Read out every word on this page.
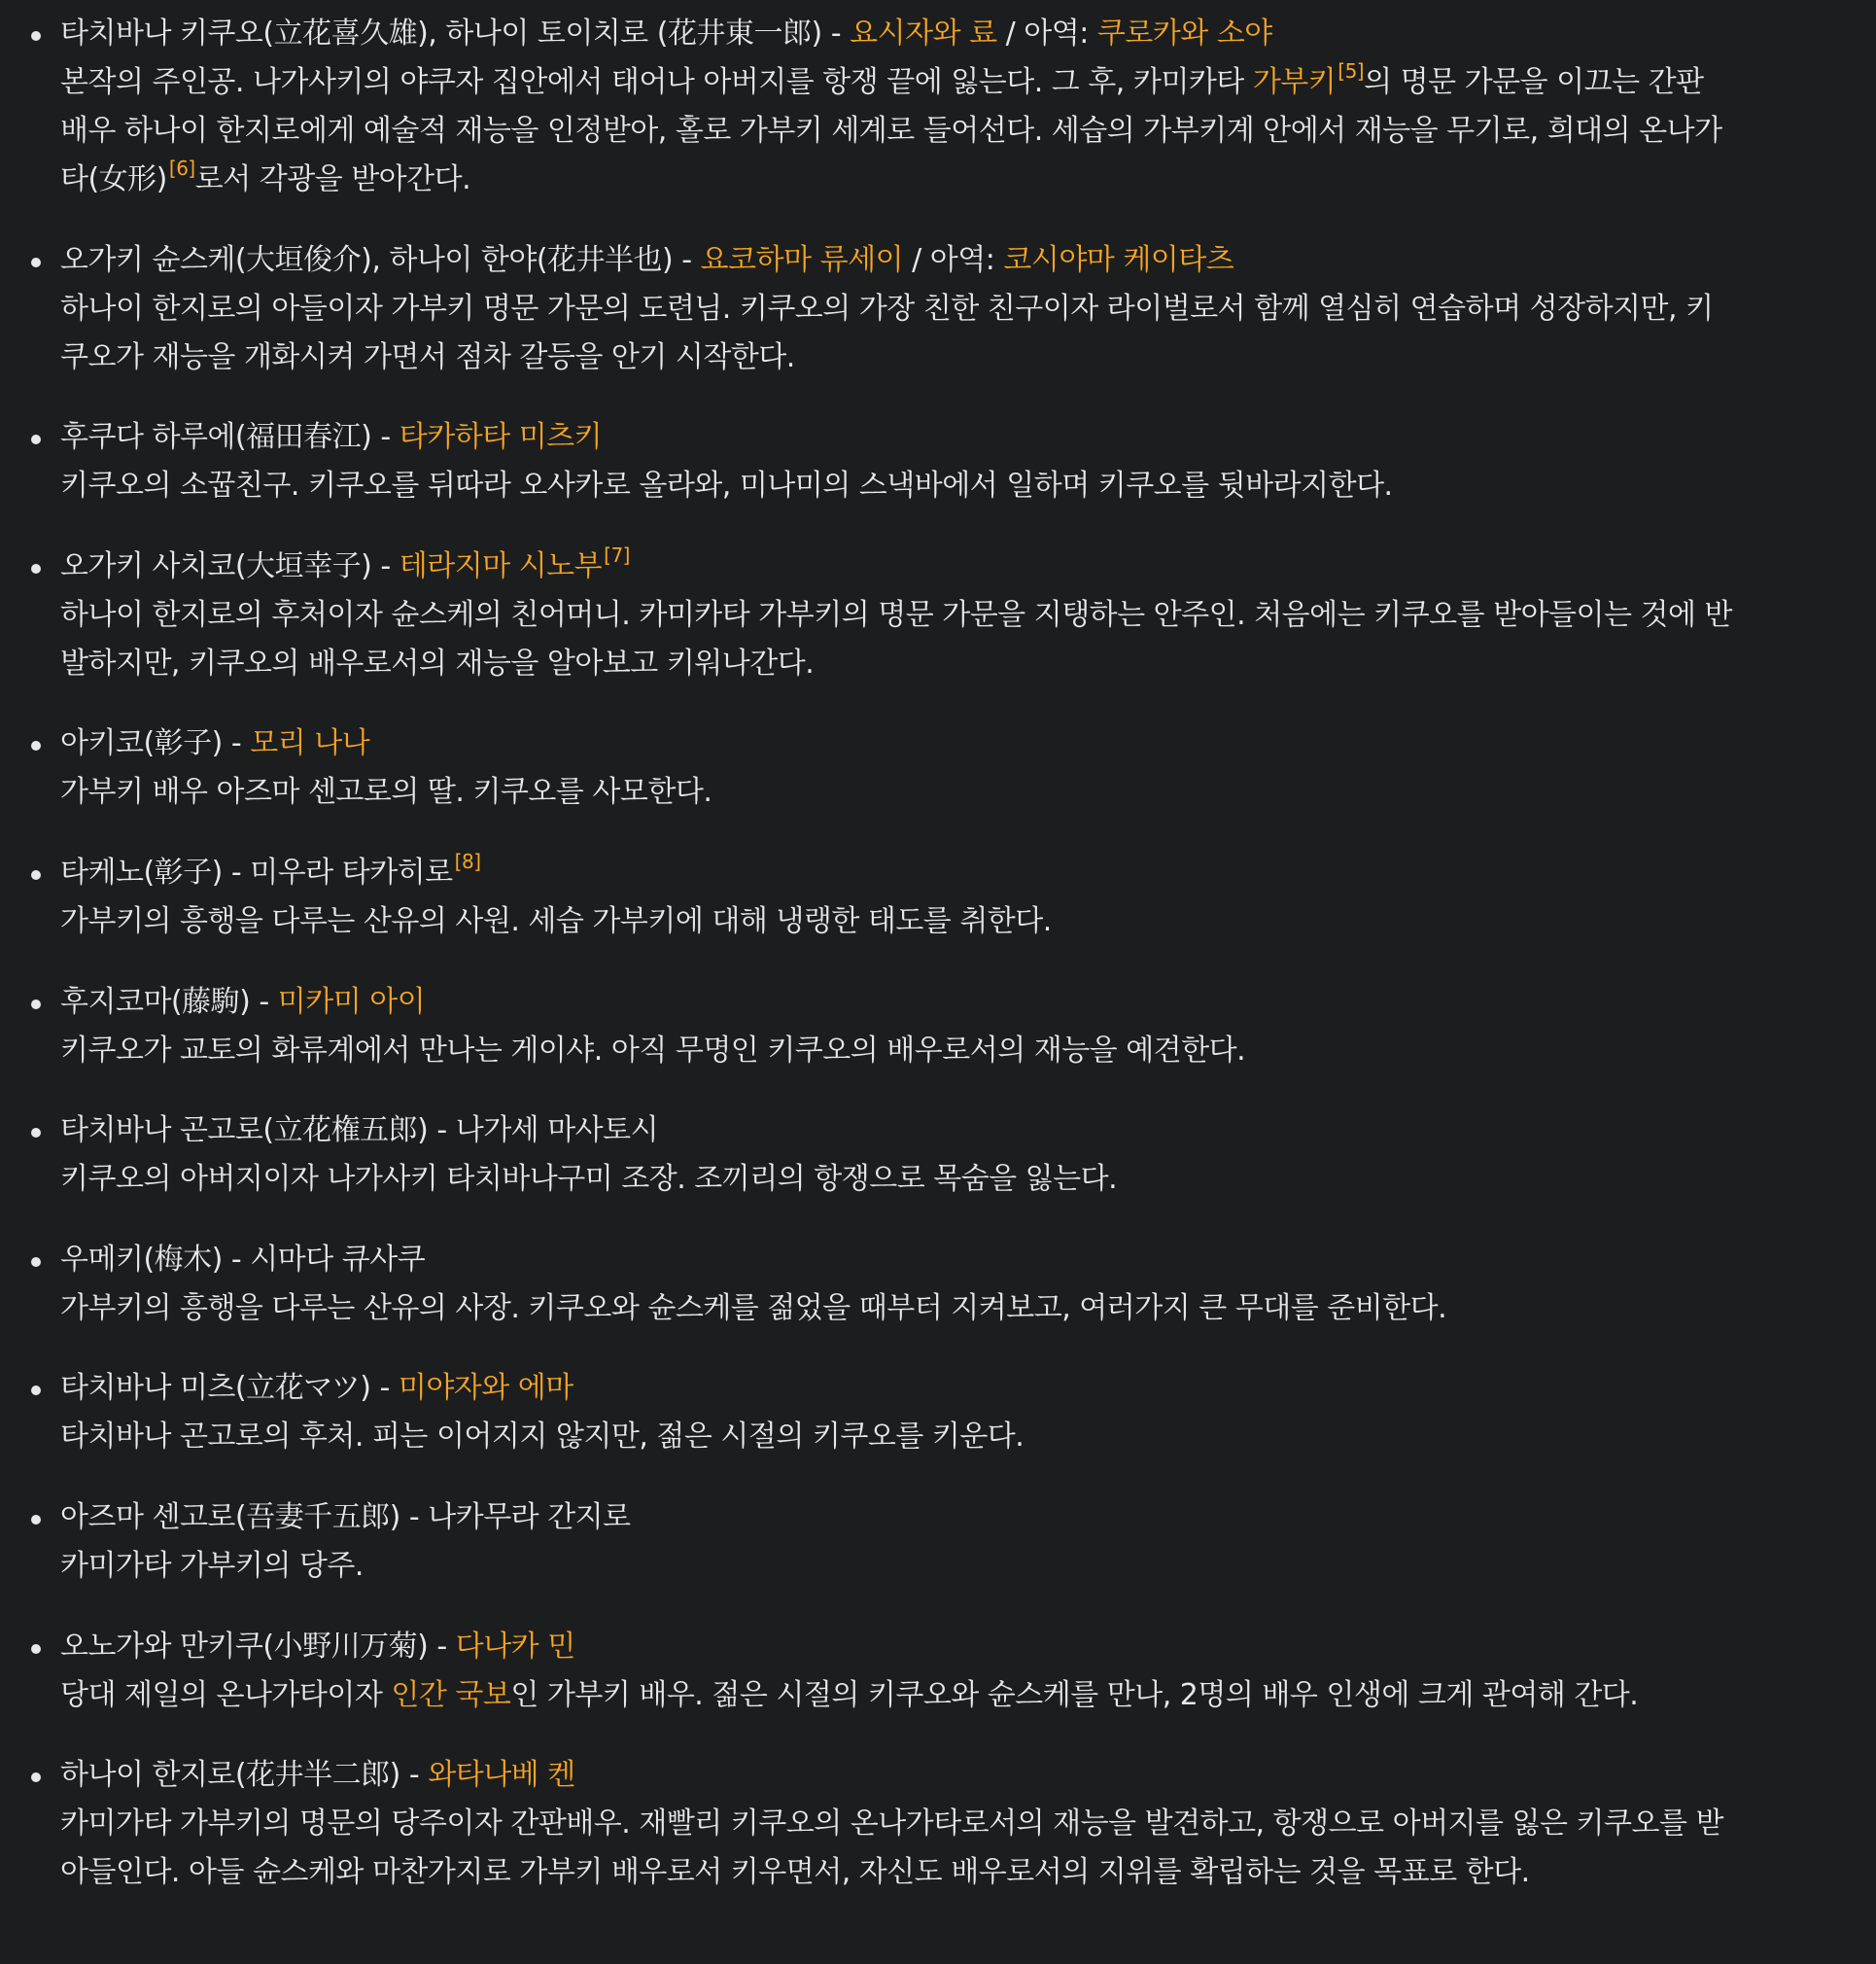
타치바나 키쿠오(立花喜久雄), 하나이 토이치로 (花井東一郎) - 요시자와 료 / 아역: 쿠로카와 소야
본작의 주인공. 나가사키의 야쿠자 집안에서 태어나 아버지를 항쟁 끝에 잃는다. 그 후, 카미카타 가부키 [5]의 명문 가문을 이끄는 간판
배우 하나이 한지로에게 예술적 재능을 인정받아, 홀로 가부키 세계로 들어선다. 세습의 가부키계 안에서 재능을 무기로, 희대의 온나가
타(女形) [6]로서 각광을 받아간다.
오가키 슌스케(大垣俊介), 하나이 한야(花井半也) - 요코하마 류세이 / 아역: 코시야마 케이타츠
하나이 한지로의 아들이자 가부키 명문 가문의 도련님. 키쿠오의 가장 친한 친구이자 라이벌로서 함께 열심히 연습하며 성장하지만, 키
쿠오가 재능을 개화시켜 가면서 점차 갈등을 안기 시작한다.
후쿠다 하루에(福田春江) - 타카하타 미츠키
키쿠오의 소꿉친구. 키쿠오를 뒤따라 오사카로 올라와, 미나미의 스낵바에서 일하며 키쿠오를 뒷바라지한다.
오가키 사치코(大垣幸子) - 테라지마 시노부 [7]
하나이 한지로의 후처이자 슌스케의 친어머니. 카미카타 가부키의 명문 가문을 지탱하는 안주인. 처음에는 키쿠오를 받아들이는 것에 반
발하지만, 키쿠오의 배우로서의 재능을 알아보고 키워나간다.
아키코(彰子) - 모리 나나
가부키 배우 아즈마 센고로의 딸. 키쿠오를 사모한다.
타케노(彰子) - 미우라 타카히로 [8]
가부키의 흥행을 다루는 산유의 사원. 세습 가부키에 대해 냉랭한 태도를 취한다.
후지코마(藤駒) - 미카미 아이
키쿠오가 교토의 화류계에서 만나는 게이샤. 아직 무명인 키쿠오의 배우로서의 재능을 예견한다.
타치바나 곤고로(立花権五郎) - 나가세 마사토시
키쿠오의 아버지이자 나가사키 타치바나구미 조장. 조끼리의 항쟁으로 목숨을 잃는다.
우메키(梅木) - 시마다 큐사쿠
가부키의 흥행을 다루는 산유의 사장. 키쿠오와 슌스케를 젊었을 때부터 지켜보고, 여러가지 큰 무대를 준비한다.
타치바나 미츠(立花マツ) - 미야자와 에마
타치바나 곤고로의 후처. 피는 이어지지 않지만, 젊은 시절의 키쿠오를 키운다.
아즈마 센고로(吾妻千五郎) - 나카무라 간지로
카미가타 가부키의 당주.
오노가와 만키쿠(小野川万菊) - 다나카 민
당대 제일의 온나가타이자 인간 국보인 가부키 배우. 젊은 시절의 키쿠오와 슌스케를 만나, 2명의 배우 인생에 크게 관여해 간다.
하나이 한지로(花井半二郎) - 와타나베 켄
카미가타 가부키의 명문의 당주이자 간판배우. 재빨리 키쿠오의 온나가타로서의 재능을 발견하고, 항쟁으로 아버지를 잃은 키쿠오를 받
아들인다. 아들 슌스케와 마찬가지로 가부키 배우로서 키우면서, 자신도 배우로서의 지위를 확립하는 것을 목표로 한다.
